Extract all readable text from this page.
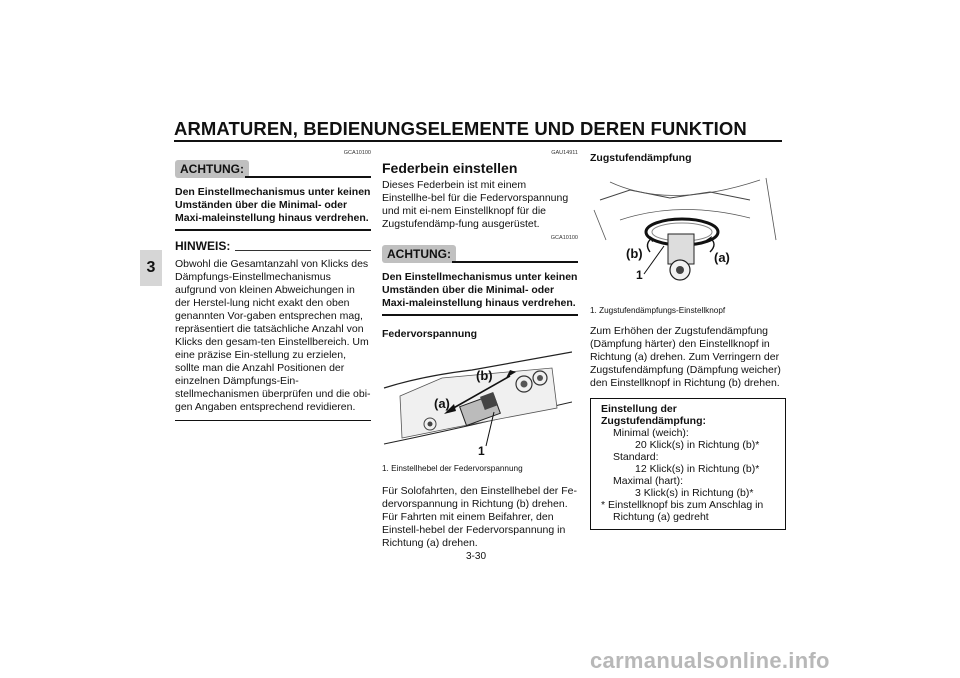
ARMATUREN, BEDIENUNGSELEMENTE UND DEREN FUNKTION
3
GCA10100
ACHTUNG:

Den Einstellmechanismus unter keinen Umständen über die Minimal- oder Maxi-maleinstellung hinaus verdrehen.

HINWEIS:

Obwohl die Gesamtanzahl von Klicks des Dämpfungs-Einstellmechanismus aufgrund von kleinen Abweichungen in der Herstel-lung nicht exakt den oben genannten Vor-gaben entsprechen mag, repräsentiert die tatsächliche Anzahl von Klicks den gesam-ten Einstellbereich. Um eine präzise Ein-stellung zu erzielen, sollte man die Anzahl Positionen der einzelnen Dämpfungs-Ein-stellmechanismen überprüfen und die obi-gen Angaben entsprechend revidieren.

GAU14911
Federbein einstellen

Dieses Federbein ist mit einem Einstellhe-bel für die Federvorspannung und mit ei-nem Einstellknopf für die Zugstufendämp-fung ausgerüstet.

GCA10100
ACHTUNG:

Den Einstellmechanismus unter keinen Umständen über die Minimal- oder Maxi-maleinstellung hinaus verdrehen.

Federvorspannung
(a)
(b)
1
1. Einstellhebel der Federvorspannung

Für Solofahrten, den Einstellhebel der Fe-dervorspannung in Richtung (b) drehen. Für Fahrten mit einem Beifahrer, den Einstell-hebel der Federvorspannung in Richtung (a) drehen.

Zugstufendämpfung
(b)	(a)
1
1. Zugstufendämpfungs-Einstellknopf

Zum Erhöhen der Zugstufendämpfung (Dämpfung härter) den Einstellknopf in Richtung (a) drehen. Zum Verringern der Zugstufendämpfung (Dämpfung weicher) den Einstellknopf in Richtung (b) drehen.

Einstellung der Zugstufendämpfung:
Minimal (weich):
20 Klick(s) in Richtung (b)*
Standard:
12 Klick(s) in Richtung (b)*
Maximal (hart):
3 Klick(s) in Richtung (b)*
* Einstellknopf bis zum Anschlag in
Richtung (a) gedreht
3-30
carmanualsonline.info
